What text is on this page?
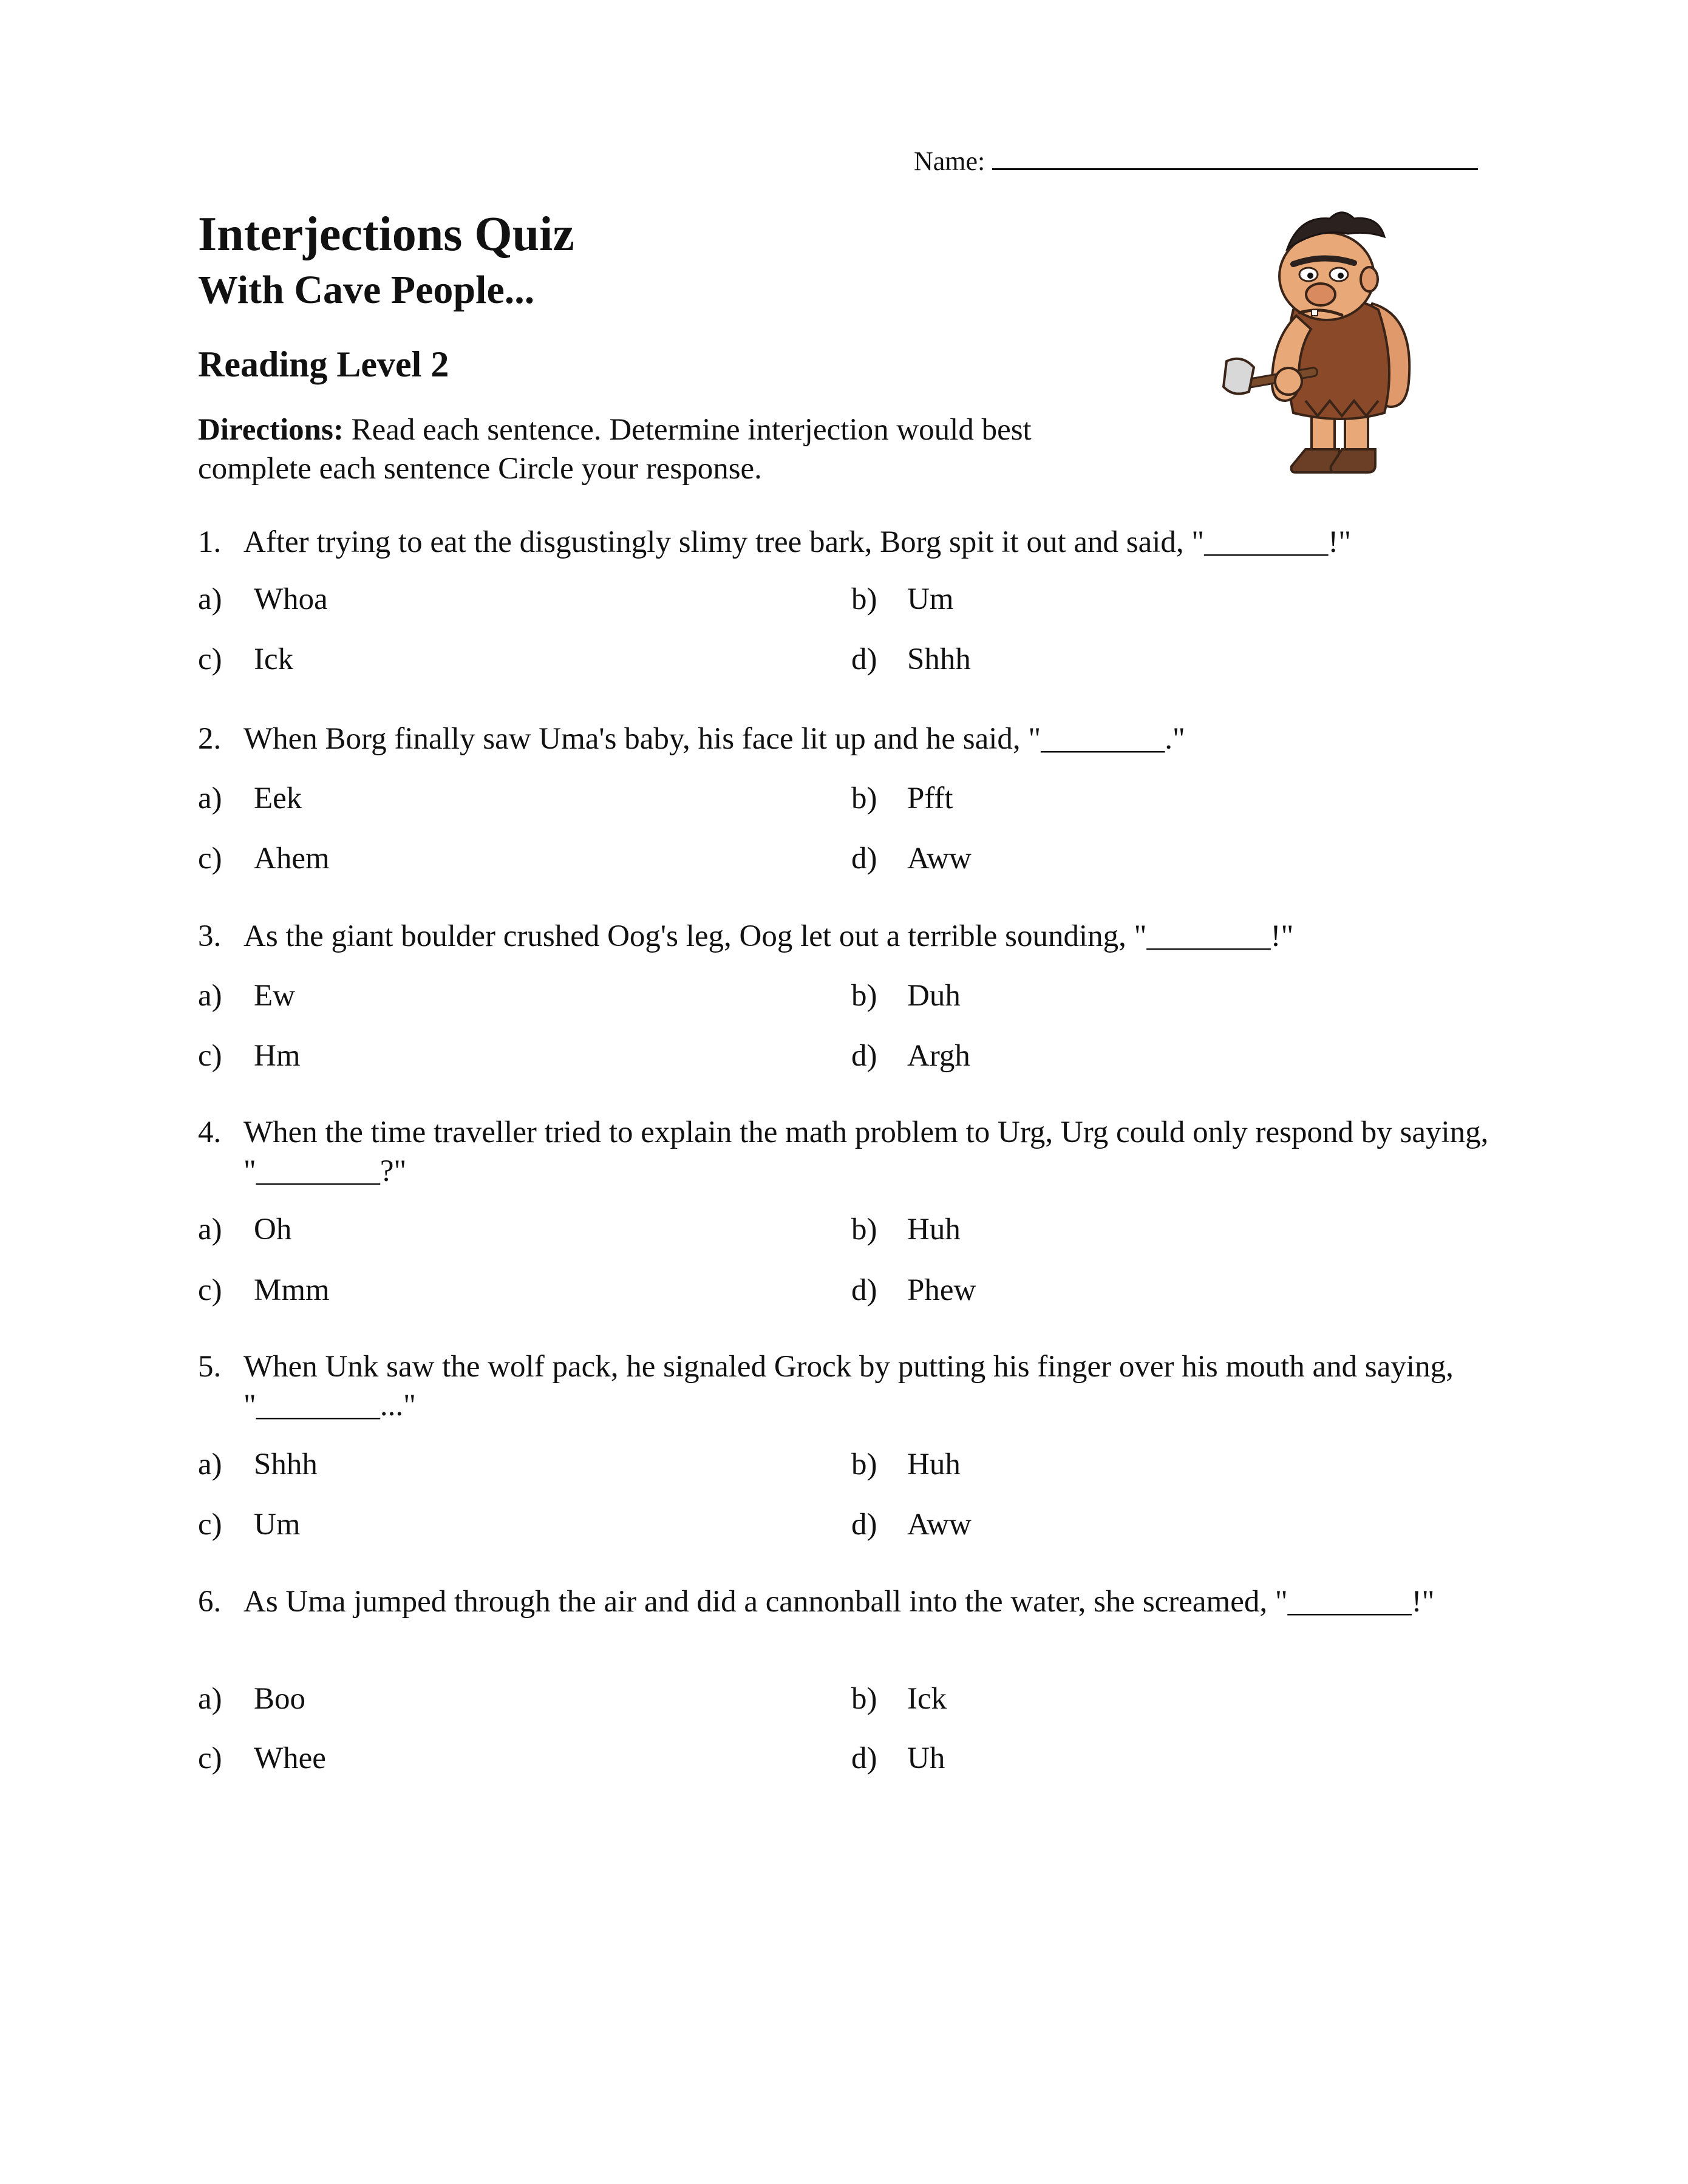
Name:
Interjections Quiz
With Cave People...
Reading Level 2
Directions: Read each sentence. Determine interjection would best complete each sentence Circle your response.
1. After trying to eat the disgustingly slimy tree bark, Borg spit it out and said, "________!"
a) Whoa	b) Um
c) Ick	d) Shhh
2. When Borg finally saw Uma's baby, his face lit up and he said, "________."
a) Eek	b) Pfft
c) Ahem	d) Aww
3. As the giant boulder crushed Oog's leg, Oog let out a terrible sounding, "________!"
a) Ew	b) Duh
c) Hm	d) Argh
4. When the time traveller tried to explain the math problem to Urg, Urg could only respond by saying, "________?"
a) Oh	b) Huh
c) Mmm	d) Phew
5. When Unk saw the wolf pack, he signaled Grock by putting his finger over his mouth and saying, "________..."
a) Shhh	b) Huh
c) Um	d) Aww
6. As Uma jumped through the air and did a cannonball into the water, she screamed, "________!"
a) Boo	b) Ick
c) Whee	d) Uh
